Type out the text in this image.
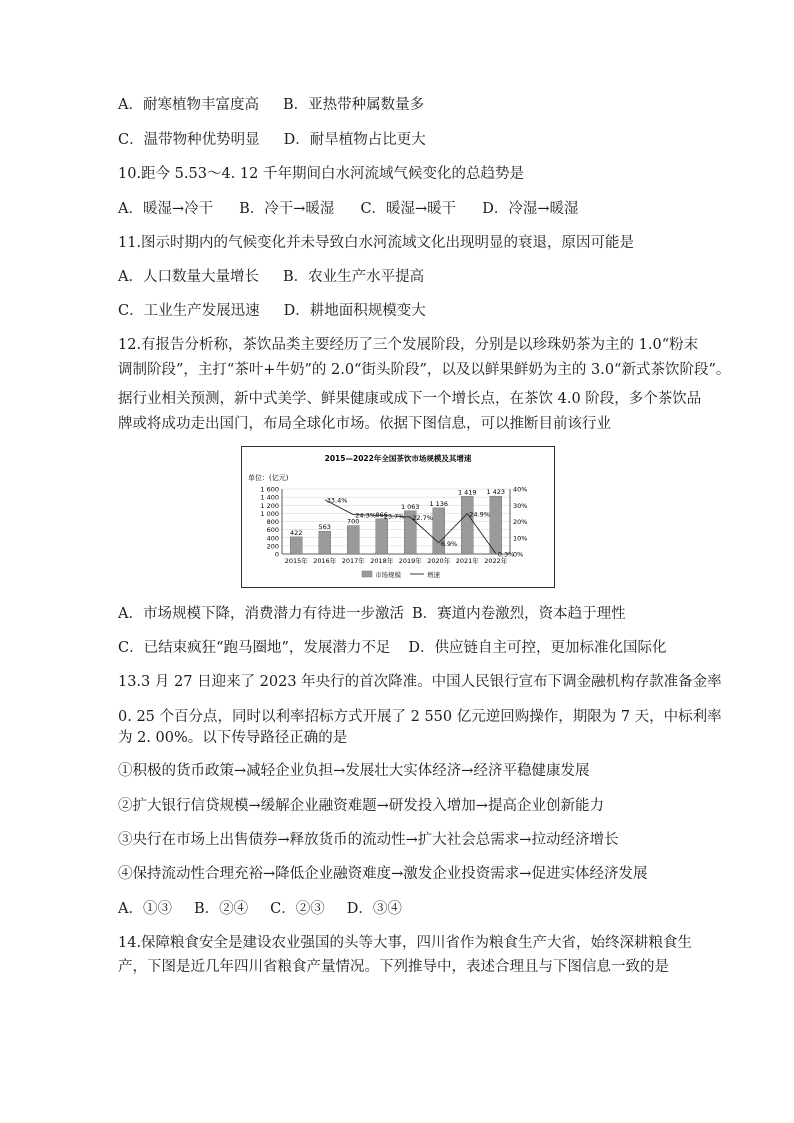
A．耐寒植物丰富度高 B．亚热带种属数量多
C．温带物种优势明显 D．耐旱植物占比更大
10.距今 5.53～4. 12 千年期间白水河流域气候变化的总趋势是
A．暖湿→冷干 B．冷干→暖湿 C．暖湿→暖干 D．冷湿→暖湿
11.图示时期内的气候变化并未导致白水河流域文化出现明显的衰退，原因可能是
A．人口数量大量增长 B．农业生产水平提高
C．工业生产发展迅速 D．耕地面积规模变大
12.有报告分析称，茶饮品类主要经历了三个发展阶段，分别是以珍珠奶茶为主的 1.0“粉末
调制阶段”，主打“茶叶+牛奶”的 2.0“街头阶段”，以及以鲜果鲜奶为主的 3.0“新式茶饮阶段”。
据行业相关预测，新中式美学、鲜果健康或成下一个增长点，在茶饮 4.0 阶段，多个茶饮品
牌或将成功走出国门，布局全球化市场。依据下图信息，可以推断目前该行业
2015—2022年全国茶饮市场规模及其增速
单位：(亿元)
0
200
400
600
800
1 000
1 200
1 400
1 600
0%
10%
20%
30%
40%
422
563
700
866
1 063 1 136
1 419 1 423
2015年 2016年 2017年 2018年 2019年 2020年 2021年 2022年
33.4%
24.3% 23.7% 22.7%
6.9%
24.9%
0.3%
市场规模	增速
A．市场规模下降，消费潜力有待进一步激活 B．赛道内卷激烈，资本趋于理性
C．已结束疯狂“跑马圈地”，发展潜力不足 D．供应链自主可控，更加标准化国际化
13.3 月 27 日迎来了 2023 年央行的首次降准。中国人民银行宣布下调金融机构存款准备金率
0. 25 个百分点，同时以利率招标方式开展了 2 550 亿元逆回购操作，期限为 7 天，中标利率
为 2. 00%。以下传导路径正确的是
①积极的货币政策→减轻企业负担→发展壮大实体经济→经济平稳健康发展
②扩大银行信贷规模→缓解企业融资难题→研发投入增加→提高企业创新能力
③央行在市场上出售债券→释放货币的流动性→扩大社会总需求→拉动经济增长
④保持流动性合理充裕→降低企业融资难度→激发企业投资需求→促进实体经济发展
A．①③ B．②④ C．②③ D．③④
14.保障粮食安全是建设农业强国的头等大事，四川省作为粮食生产大省，始终深耕粮食生
产，下图是近几年四川省粮食产量情况。下列推导中，表述合理且与下图信息一致的是
